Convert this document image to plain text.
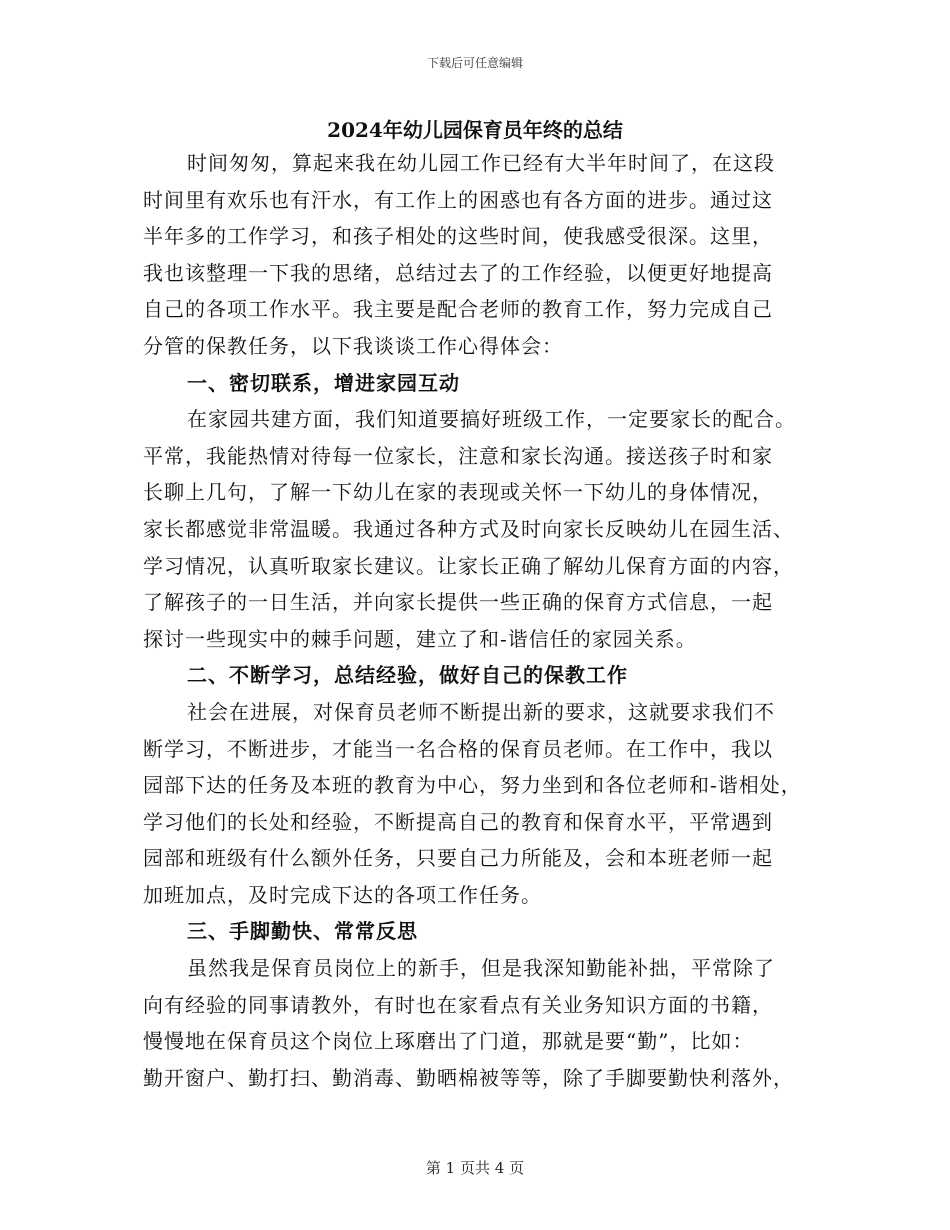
下载后可任意编辑
2024年幼儿园保育员年终的总结
时间匆匆，算起来我在幼儿园工作已经有大半年时间了，在这段
时间里有欢乐也有汗水，有工作上的困惑也有各方面的进步。通过这
半年多的工作学习，和孩子相处的这些时间，使我感受很深。这里，
我也该整理一下我的思绪，总结过去了的工作经验，以便更好地提高
自己的各项工作水平。我主要是配合老师的教育工作，努力完成自己
分管的保教任务，以下我谈谈工作心得体会：
一、密切联系，增进家园互动
在家园共建方面，我们知道要搞好班级工作，一定要家长的配合。
平常，我能热情对待每一位家长，注意和家长沟通。接送孩子时和家
长聊上几句，了解一下幼儿在家的表现或关怀一下幼儿的身体情况，
家长都感觉非常温暖。我通过各种方式及时向家长反映幼儿在园生活、
学习情况，认真听取家长建议。让家长正确了解幼儿保育方面的内容，
了解孩子的一日生活，并向家长提供一些正确的保育方式信息，一起
探讨一些现实中的棘手问题，建立了和-谐信任的家园关系。
二、不断学习，总结经验，做好自己的保教工作
社会在进展，对保育员老师不断提出新的要求，这就要求我们不
断学习，不断进步，才能当一名合格的保育员老师。在工作中，我以
园部下达的任务及本班的教育为中心，努力坐到和各位老师和-谐相处，
学习他们的长处和经验，不断提高自己的教育和保育水平，平常遇到
园部和班级有什么额外任务，只要自己力所能及，会和本班老师一起
加班加点，及时完成下达的各项工作任务。
三、手脚勤快、常常反思
虽然我是保育员岗位上的新手，但是我深知勤能补拙，平常除了
向有经验的同事请教外，有时也在家看点有关业务知识方面的书籍，
慢慢地在保育员这个岗位上琢磨出了门道，那就是要“勤”，比如：
勤开窗户、勤打扫、勤消毒、勤晒棉被等等，除了手脚要勤快利落外，
第 1 页共 4 页
